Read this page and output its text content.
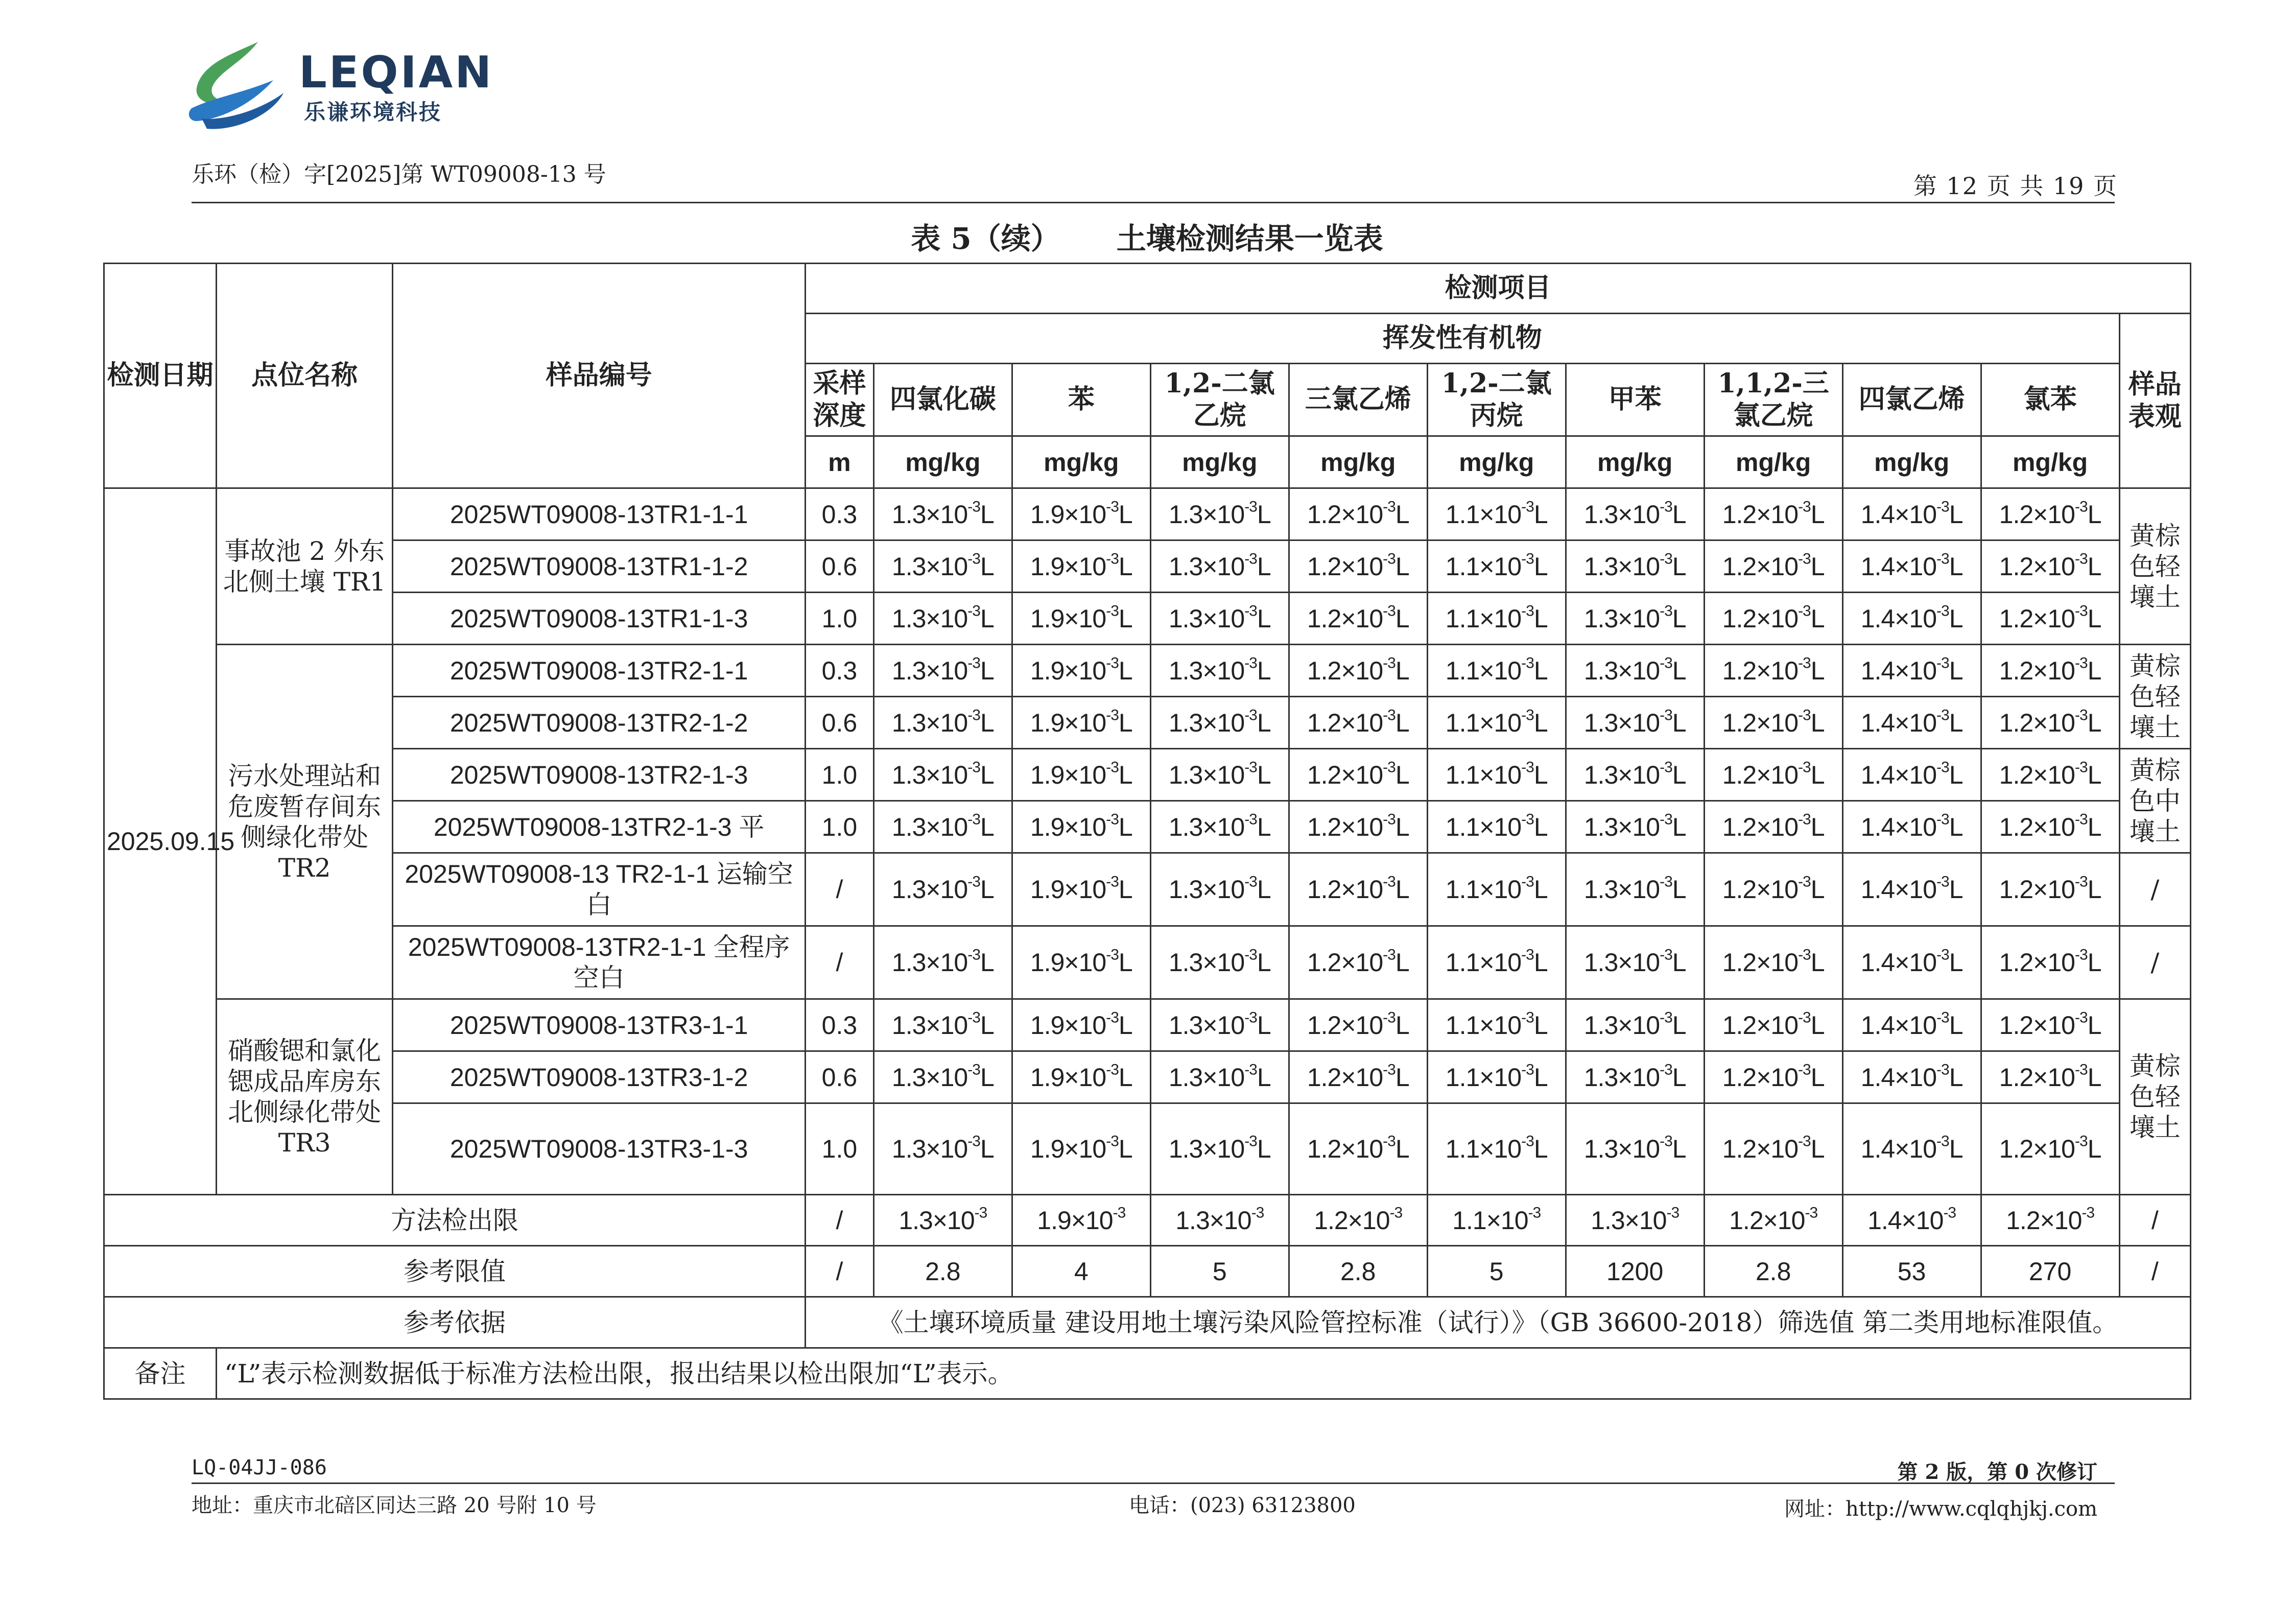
LEQIAN
乐谦环境科技
乐环（检）字[2025]第 WT09008-13 号	第 12 页 共 19 页
表 5（续） 土壤检测结果一览表
检测日期	点位名称	样品编号	检测项目										
			挥发性有机物										样品表观
			采样深度	四氯化碳	苯	1,2-二氯乙烷	三氯乙烯	1,2-二氯丙烷	甲苯	1,1,2-三氯乙烷	四氯乙烯	氯苯	
			m	mg/kg	mg/kg	mg/kg	mg/kg	mg/kg	mg/kg	mg/kg	mg/kg	mg/kg	
2025.09.15	事故池 2 外东北侧土壤 TR1	2025WT09008-13TR1-1-1	0.3	$1.3\times 10^{-3}L$	$1.9\times 10^{-3}L$	$1.3\times 10^{-3}L$	$1.2\times 10^{-3}L$	$1.1\times 10^{-3}L$	$1.3\times 10^{-3}L$	$1.2\times 10^{-3}L$	$1.4\times 10^{-3}L$	$1.2\times 10^{-3}L$	黄棕色轻壤土
		2025WT09008-13TR1-1-2	0.6	$1.3\times 10^{-3}L$	$1.9\times 10^{-3}L$	$1.3\times 10^{-3}L$	$1.2\times 10^{-3}L$	$1.1\times 10^{-3}L$	$1.3\times 10^{-3}L$	$1.2\times 10^{-3}L$	$1.4\times 10^{-3}L$	$1.2\times 10^{-3}L$	
		2025WT09008-13TR1-1-3	1.0	$1.3\times 10^{-3}L$	$1.9\times 10^{-3}L$	$1.3\times 10^{-3}L$	$1.2\times 10^{-3}L$	$1.1\times 10^{-3}L$	$1.3\times 10^{-3}L$	$1.2\times 10^{-3}L$	$1.4\times 10^{-3}L$	$1.2\times 10^{-3}L$	
	污水处理站和危废暂存间东侧绿化带处 TR2	2025WT09008-13TR2-1-1	0.3	$1.3\times 10^{-3}L$	$1.9\times 10^{-3}L$	$1.3\times 10^{-3}L$	$1.2\times 10^{-3}L$	$1.1\times 10^{-3}L$	$1.3\times 10^{-3}L$	$1.2\times 10^{-3}L$	$1.4\times 10^{-3}L$	$1.2\times 10^{-3}L$	黄棕色轻壤土
		2025WT09008-13TR2-1-2	0.6	$1.3\times 10^{-3}L$	$1.9\times 10^{-3}L$	$1.3\times 10^{-3}L$	$1.2\times 10^{-3}L$	$1.1\times 10^{-3}L$	$1.3\times 10^{-3}L$	$1.2\times 10^{-3}L$	$1.4\times 10^{-3}L$	$1.2\times 10^{-3}L$	
		2025WT09008-13TR2-1-3	1.0	$1.3\times 10^{-3}L$	$1.9\times 10^{-3}L$	$1.3\times 10^{-3}L$	$1.2\times 10^{-3}L$	$1.1\times 10^{-3}L$	$1.3\times 10^{-3}L$	$1.2\times 10^{-3}L$	$1.4\times 10^{-3}L$	$1.2\times 10^{-3}L$	黄棕色中壤土
		2025WT09008-13TR2-1-3 平	1.0	$1.3\times 10^{-3}L$	$1.9\times 10^{-3}L$	$1.3\times 10^{-3}L$	$1.2\times 10^{-3}L$	$1.1\times 10^{-3}L$	$1.3\times 10^{-3}L$	$1.2\times 10^{-3}L$	$1.4\times 10^{-3}L$	$1.2\times 10^{-3}L$	
		2025WT09008-13 TR2-1-1 运输空白	/	$1.3\times 10^{-3}L$	$1.9\times 10^{-3}L$	$1.3\times 10^{-3}L$	$1.2\times 10^{-3}L$	$1.1\times 10^{-3}L$	$1.3\times 10^{-3}L$	$1.2\times 10^{-3}L$	$1.4\times 10^{-3}L$	$1.2\times 10^{-3}L$	/
		2025WT09008-13TR2-1-1 全程序空白	/	$1.3\times 10^{-3}L$	$1.9\times 10^{-3}L$	$1.3\times 10^{-3}L$	$1.2\times 10^{-3}L$	$1.1\times 10^{-3}L$	$1.3\times 10^{-3}L$	$1.2\times 10^{-3}L$	$1.4\times 10^{-3}L$	$1.2\times 10^{-3}L$	/
	硝酸锶和氯化锶成品库房东北侧绿化带处 TR3	2025WT09008-13TR3-1-1	0.3	$1.3\times 10^{-3}L$	$1.9\times 10^{-3}L$	$1.3\times 10^{-3}L$	$1.2\times 10^{-3}L$	$1.1\times 10^{-3}L$	$1.3\times 10^{-3}L$	$1.2\times 10^{-3}L$	$1.4\times 10^{-3}L$	$1.2\times 10^{-3}L$	黄棕色轻壤土
		2025WT09008-13TR3-1-2	0.6	$1.3\times 10^{-3}L$	$1.9\times 10^{-3}L$	$1.3\times 10^{-3}L$	$1.2\times 10^{-3}L$	$1.1\times 10^{-3}L$	$1.3\times 10^{-3}L$	$1.2\times 10^{-3}L$	$1.4\times 10^{-3}L$	$1.2\times 10^{-3}L$	
		2025WT09008-13TR3-1-3	1.0	$1.3\times 10^{-3}L$	$1.9\times 10^{-3}L$	$1.3\times 10^{-3}L$	$1.2\times 10^{-3}L$	$1.1\times 10^{-3}L$	$1.3\times 10^{-3}L$	$1.2\times 10^{-3}L$	$1.4\times 10^{-3}L$	$1.2\times 10^{-3}L$	
方法检出限			/	$1.3\times 10^{-3}$	$1.9\times 10^{-3}$	$1.3\times 10^{-3}$	$1.2\times 10^{-3}$	$1.1\times 10^{-3}$	$1.3\times 10^{-3}$	$1.2\times 10^{-3}$	$1.4\times 10^{-3}$	$1.2\times 10^{-3}$	/
参考限值			/	2.8	4	5	2.8	5	1200	2.8	53	270	/
参考依据			《土壤环境质量 建设用地土壤污染风险管控标准（试行）》（GB 36600-2018）筛选值 第二类用地标准限值。										
备注	“L”表示检测数据低于标准方法检出限，报出结果以检出限加“L”表示。												
LQ-04JJ-086	第 2 版，第 0 次修订
地址：重庆市北碚区同达三路 20 号附 10 号	电话：(023) 63123800	网址：http://www.cqlqhjkj.com
